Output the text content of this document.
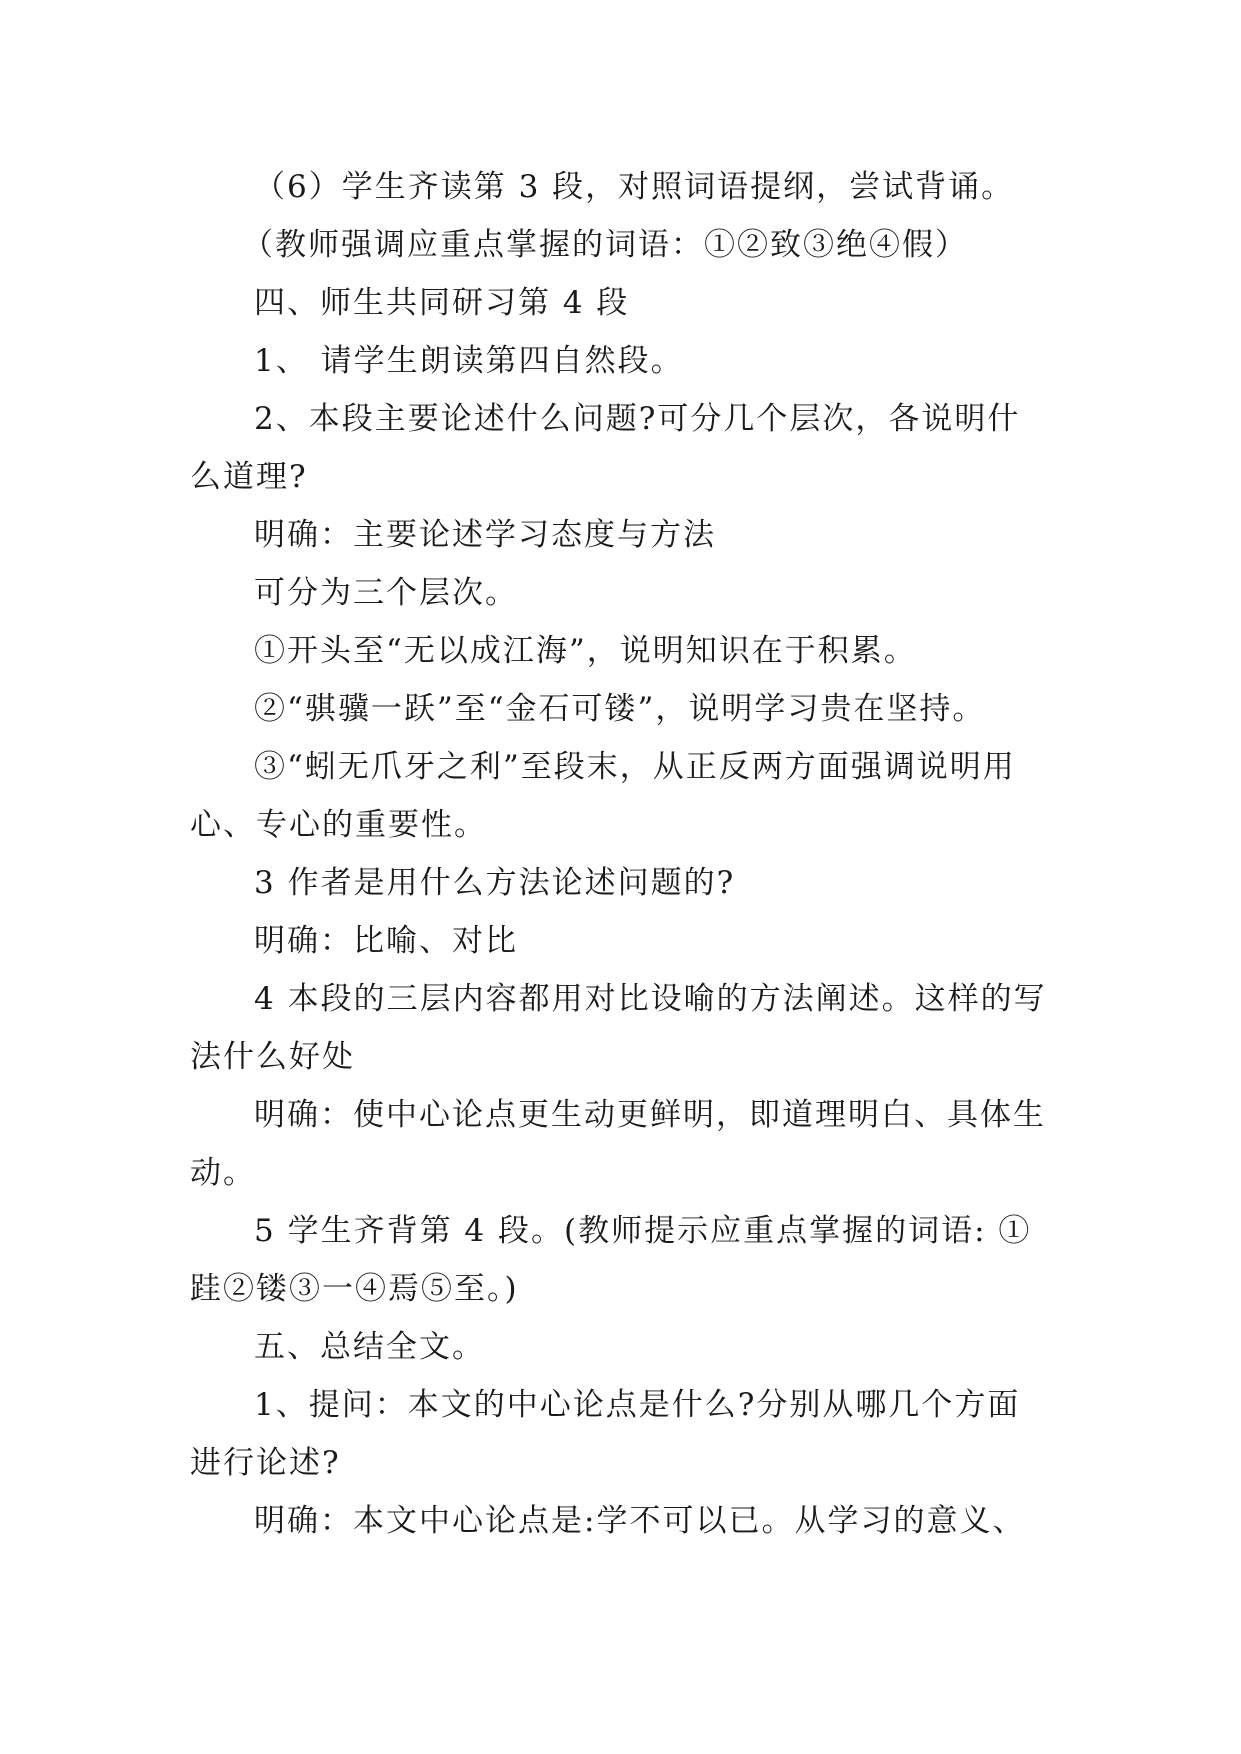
（6）学生齐读第 3 段，对照词语提纲，尝试背诵。

（教师强调应重点掌握的词语：①②致③绝④假）

四、师生共同研习第 4 段

1、 请学生朗读第四自然段。

2、本段主要论述什么问题?可分几个层次，各说明什么道理?

明确：主要论述学习态度与方法

可分为三个层次。

①开头至“无以成江海”，说明知识在于积累。

②“骐骥一跃”至“金石可镂”，说明学习贵在坚持。

③“蚓无爪牙之利”至段末，从正反两方面强调说明用心、专心的重要性。

3 作者是用什么方法论述问题的?

明确：比喻、对比

4 本段的三层内容都用对比设喻的方法阐述。这样的写法什么好处

明确：使中心论点更生动更鲜明，即道理明白、具体生动。

5 学生齐背第 4 段。(教师提示应重点掌握的词语: ①跬②镂③一④焉⑤至。)

五、总结全文。

1、提问：本文的中心论点是什么?分别从哪几个方面进行论述?

明确：本文中心论点是:学不可以已。从学习的意义、
